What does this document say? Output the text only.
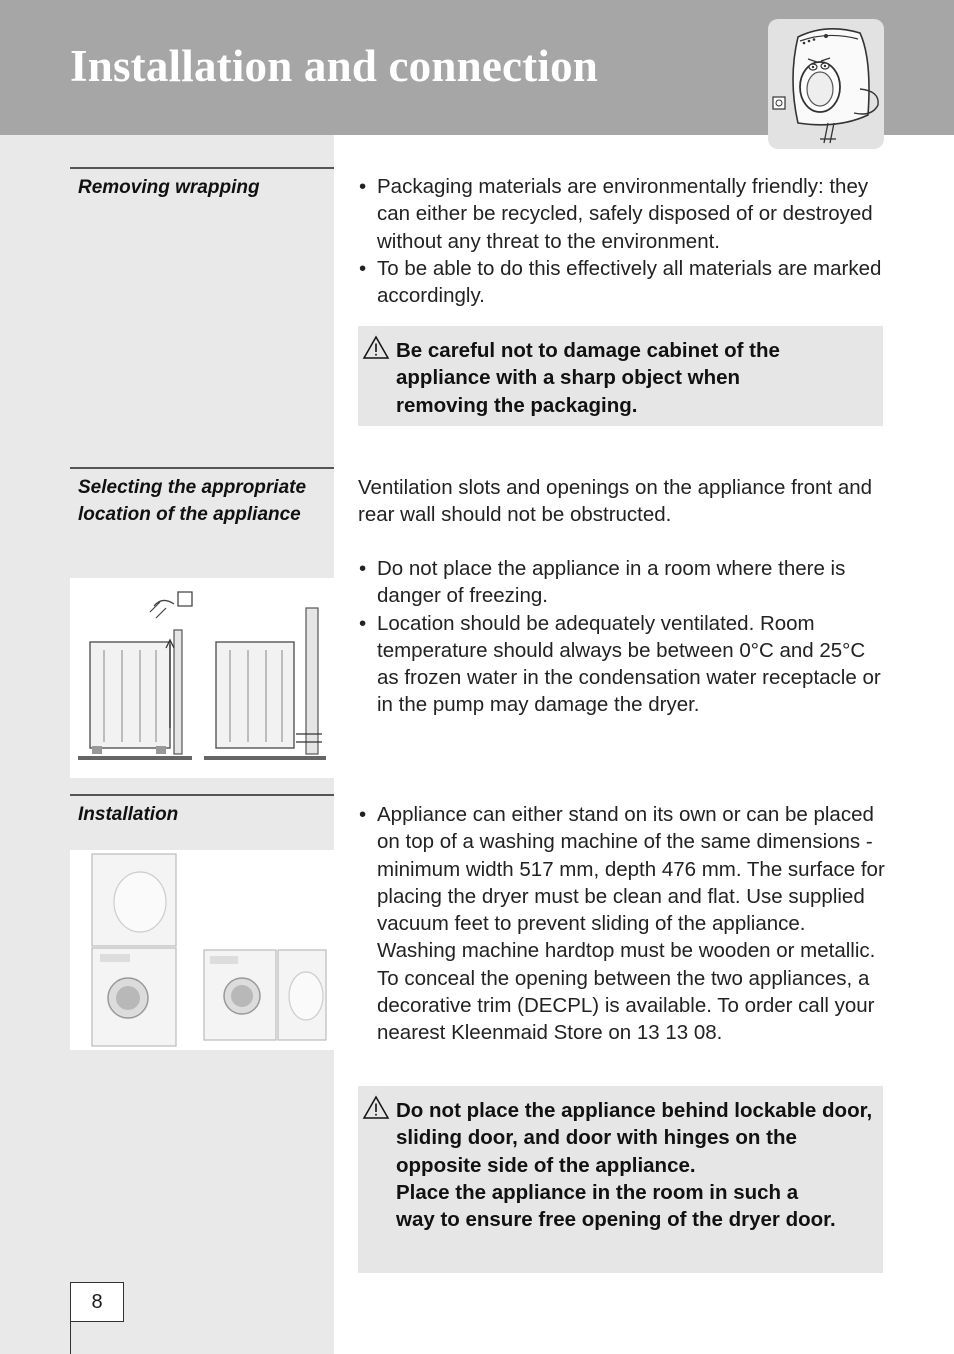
Installation and connection
Removing wrapping	• Packaging materials are environmentally friendly: they can either be recycled, safely disposed of or destroyed without any threat to the environment.
• To be able to do this effectively all materials are marked accordingly.
Be careful not to damage cabinet of the appliance with a sharp object when removing the packaging.
Selecting the appropriate location of the appliance
Ventilation slots and openings on the appliance front and rear wall should not be obstructed.
• Do not place the appliance in a room where there is danger of freezing.
• Location should be adequately ventilated. Room temperature should always be between 0°C and 25°C as frozen water in the condensation water receptacle or in the pump may damage the dryer.
Installation	• Appliance can either stand on its own or can be placed on top of a washing machine of the same dimensions - minimum width 517 mm, depth 476 mm. The surface for placing the dryer must be clean and flat. Use supplied vacuum feet to prevent sliding of the appliance. Washing machine hardtop must be wooden or metallic. To conceal the opening between the two appliances, a decorative trim (DECPL) is available. To order call your nearest Kleenmaid Store on 13 13 08.
Do not place the appliance behind lockable door, sliding door, and door with hinges on the opposite side of the appliance.
Place the appliance in the room in such a way to ensure free opening of the dryer door.
8
